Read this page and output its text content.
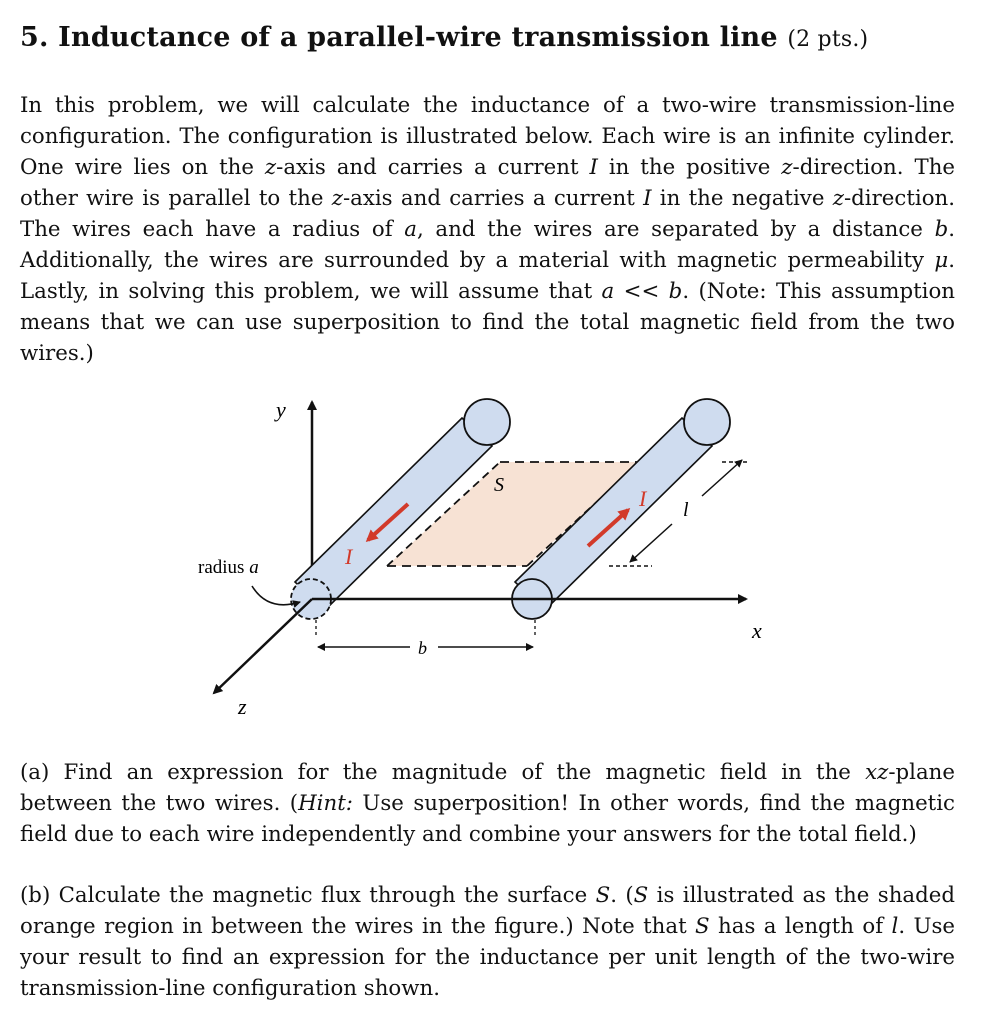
5. Inductance of a parallel-wire transmission line (2 pts.)

In this problem, we will calculate the inductance of a two-wire transmission-line configuration. The configuration is illustrated below. Each wire is an infinite cylinder. One wire lies on the z-axis and carries a current I in the positive z-direction. The other wire is parallel to the z-axis and carries a current I in the negative z-direction. The wires each have a radius of a, and the wires are separated by a distance b. Additionally, the wires are surrounded by a material with magnetic permeability μ. Lastly, in solving this problem, we will assume that a << b. (Note: This assumption means that we can use superposition to find the total magnetic field from the two wires.)

y
S
x
z
I
I l
b
radius a

(a) Find an expression for the magnitude of the magnetic field in the xz-plane between the two wires. (Hint: Use superposition! In other words, find the magnetic field due to each wire independently and combine your answers for the total field.)

(b) Calculate the magnetic flux through the surface S. (S is illustrated as the shaded orange region in between the wires in the figure.) Note that S has a length of l. Use your result to find an expression for the inductance per unit length of the two-wire transmission-line configuration shown.
